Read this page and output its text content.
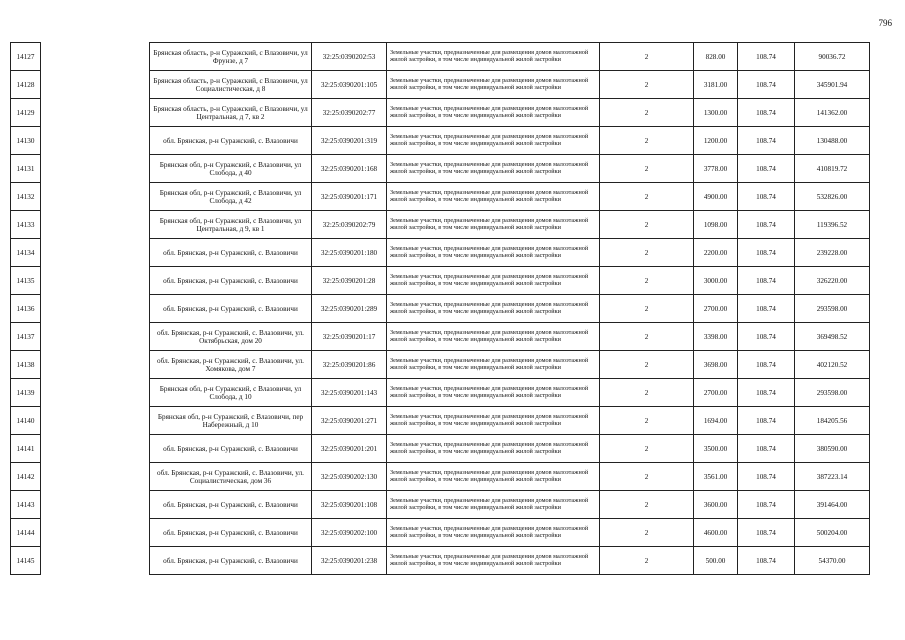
796
14127		Брянская область, р-н Суражский, с Влазовичи, ул Фрунзе, д 7	32:25:0390202:53	Земельные участки, предназначенные для размещения домов малоэтажной жилой застройки, в том числе индивидуальной жилой застройки	2	828.00	108.74	90036.72
14128		Брянская область, р-н Суражский, с Влазовичи, ул Социалистическая, д 8	32:25:0390201:105	Земельные участки, предназначенные для размещения домов малоэтажной жилой застройки, в том числе индивидуальной жилой застройки	2	3181.00	108.74	345901.94
14129		Брянская область, р-н Суражский, с Влазовичи, ул Центральная, д 7, кв 2	32:25:0390202:77	Земельные участки, предназначенные для размещения домов малоэтажной жилой застройки, в том числе индивидуальной жилой застройки	2	1300.00	108.74	141362.00
14130		обл. Брянская, р-н Суражский, с. Влазовичи	32:25:0390201:319	Земельные участки, предназначенные для размещения домов малоэтажной жилой застройки, в том числе индивидуальной жилой застройки	2	1200.00	108.74	130488.00
14131		Брянская обл, р-н Суражский, с Влазовичи, ул Слобода, д 40	32:25:0390201:168	Земельные участки, предназначенные для размещения домов малоэтажной жилой застройки, в том числе индивидуальной жилой застройки	2	3778.00	108.74	410819.72
14132		Брянская обл, р-н Суражский, с Влазовичи, ул Слобода, д 42	32:25:0390201:171	Земельные участки, предназначенные для размещения домов малоэтажной жилой застройки, в том числе индивидуальной жилой застройки	2	4900.00	108.74	532826.00
14133		Брянская обл, р-н Суражский, с Влазовичи, ул Центральная, д 9, кв 1	32:25:0390202:79	Земельные участки, предназначенные для размещения домов малоэтажной жилой застройки, в том числе индивидуальной жилой застройки	2	1098.00	108.74	119396.52
14134		обл. Брянская, р-н Суражский, с. Влазовичи	32:25:0390201:180	Земельные участки, предназначенные для размещения домов малоэтажной жилой застройки, в том числе индивидуальной жилой застройки	2	2200.00	108.74	239228.00
14135		обл. Брянская, р-н Суражский, с. Влазовичи	32:25:0390201:28	Земельные участки, предназначенные для размещения домов малоэтажной жилой застройки, в том числе индивидуальной жилой застройки	2	3000.00	108.74	326220.00
14136		обл. Брянская, р-н Суражский, с. Влазовичи	32:25:0390201:289	Земельные участки, предназначенные для размещения домов малоэтажной жилой застройки, в том числе индивидуальной жилой застройки	2	2700.00	108.74	293598.00
14137		обл. Брянская, р-н Суражский, с. Влазовичи, ул. Октябрьская, дом 20	32:25:0390201:17	Земельные участки, предназначенные для размещения домов малоэтажной жилой застройки, в том числе индивидуальной жилой застройки	2	3398.00	108.74	369498.52
14138		обл. Брянская, р-н Суражский, с. Влазовичи, ул. Хомякова, дом 7	32:25:0390201:86	Земельные участки, предназначенные для размещения домов малоэтажной жилой застройки, в том числе индивидуальной жилой застройки	2	3698.00	108.74	402120.52
14139		Брянская обл, р-н Суражский, с Влазовичи, ул Слобода, д 10	32:25:0390201:143	Земельные участки, предназначенные для размещения домов малоэтажной жилой застройки, в том числе индивидуальной жилой застройки	2	2700.00	108.74	293598.00
14140		Брянская обл, р-н Суражский, с Влазовичи, пер Набережный, д 10	32:25:0390201:271	Земельные участки, предназначенные для размещения домов малоэтажной жилой застройки, в том числе индивидуальной жилой застройки	2	1694.00	108.74	184205.56
14141		обл. Брянская, р-н Суражский, с. Влазовичи	32:25:0390201:201	Земельные участки, предназначенные для размещения домов малоэтажной жилой застройки, в том числе индивидуальной жилой застройки	2	3500.00	108.74	380590.00
14142		обл. Брянская, р-н Суражский, с. Влазовичи, ул. Социалистическая, дом 36	32:25:0390202:130	Земельные участки, предназначенные для размещения домов малоэтажной жилой застройки, в том числе индивидуальной жилой застройки	2	3561.00	108.74	387223.14
14143		обл. Брянская, р-н Суражский, с. Влазовичи	32:25:0390201:108	Земельные участки, предназначенные для размещения домов малоэтажной жилой застройки, в том числе индивидуальной жилой застройки	2	3600.00	108.74	391464.00
14144		обл. Брянская, р-н Суражский, с. Влазовичи	32:25:0390202:100	Земельные участки, предназначенные для размещения домов малоэтажной жилой застройки, в том числе индивидуальной жилой застройки	2	4600.00	108.74	500204.00
14145		обл. Брянская, р-н Суражский, с. Влазовичи	32:25:0390201:238	Земельные участки, предназначенные для размещения домов малоэтажной жилой застройки, в том числе индивидуальной жилой застройки	2	500.00	108.74	54370.00
